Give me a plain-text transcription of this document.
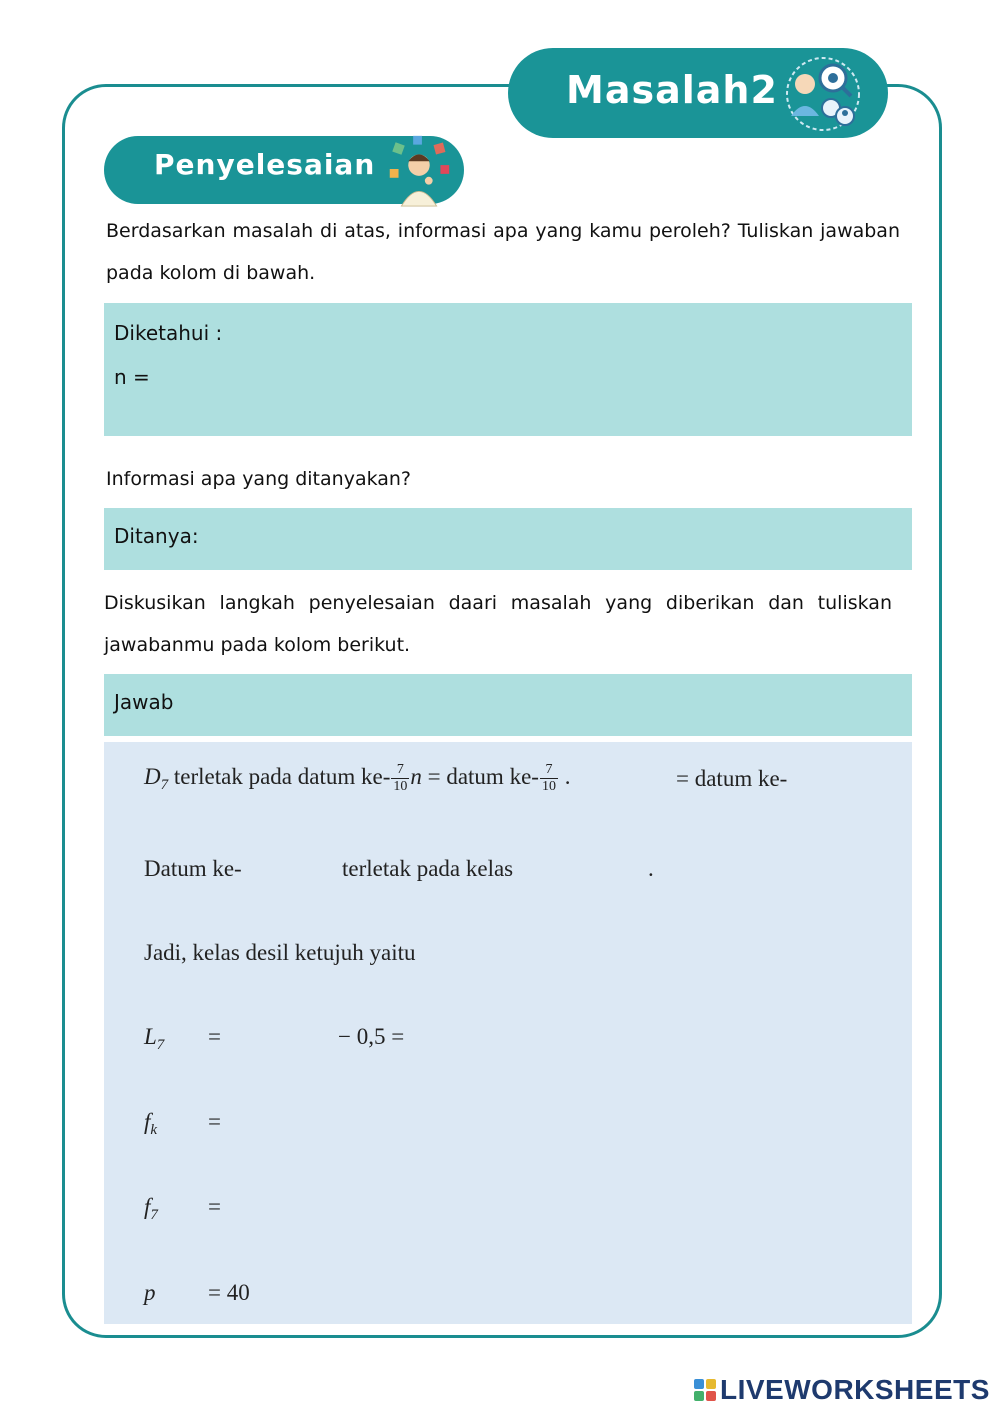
Masalah2
Penyelesaian
Berdasarkan masalah di atas, informasi apa yang kamu peroleh? Tuliskan jawaban pada kolom di bawah.
Diketahui :
n =
Informasi apa yang ditanyakan?
Ditanya:
Diskusikan langkah penyelesaian daari masalah yang diberikan dan tuliskan jawabanmu pada kolom berikut.
Jawab
$D_7$ terletak pada datum $ke- \frac{7}{10}$ n = datum $ke- \frac{7}{10}$ .	= datum ke-
Datum ke-	terletak pada kelas	.
Jadi, kelas desil ketujuh yaitu
$L_7$ =	− 0,5 =
$f_k$ =
$f_7$ =
p = 40
LIVEWORKSHEETS
